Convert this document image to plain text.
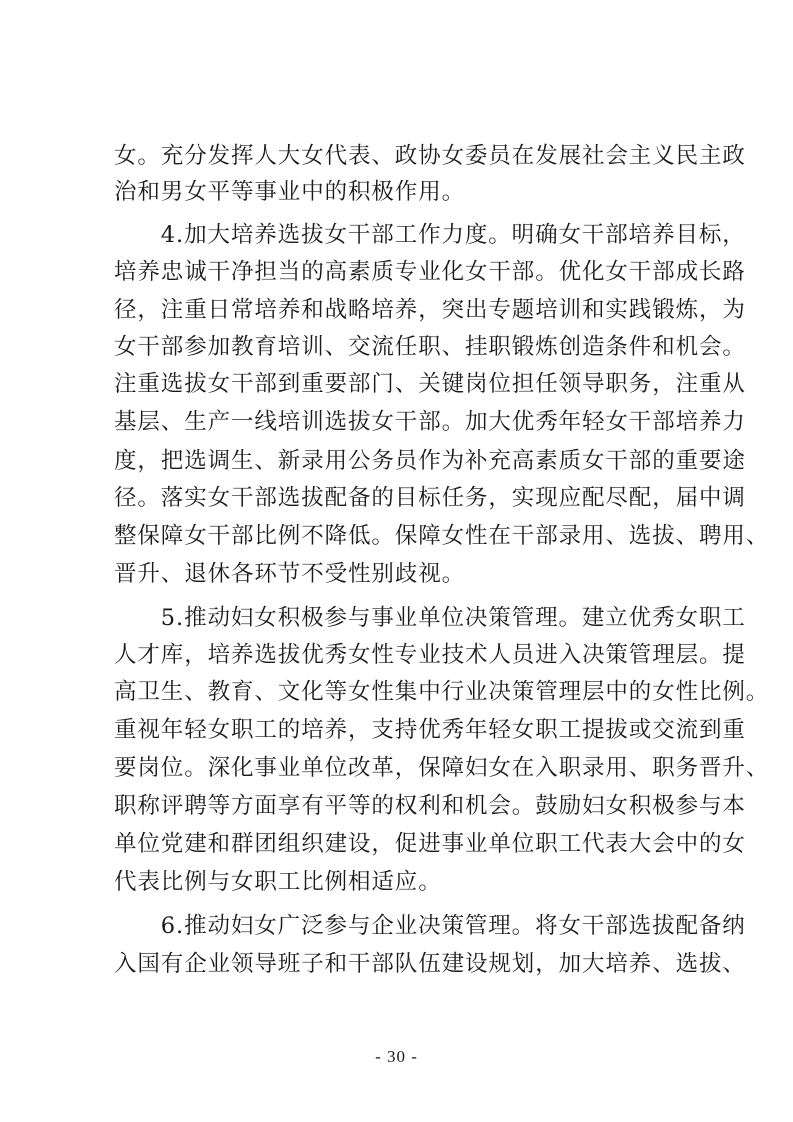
女。充分发挥人大女代表、政协女委员在发展社会主义民主政
治和男女平等事业中的积极作用。
　　4.加大培养选拔女干部工作力度。明确女干部培养目标，
培养忠诚干净担当的高素质专业化女干部。优化女干部成长路
径，注重日常培养和战略培养，突出专题培训和实践锻炼，为
女干部参加教育培训、交流任职、挂职锻炼创造条件和机会。
注重选拔女干部到重要部门、关键岗位担任领导职务，注重从
基层、生产一线培训选拔女干部。加大优秀年轻女干部培养力
度，把选调生、新录用公务员作为补充高素质女干部的重要途
径。落实女干部选拔配备的目标任务，实现应配尽配，届中调
整保障女干部比例不降低。保障女性在干部录用、选拔、聘用、
晋升、退休各环节不受性别歧视。
　　5.推动妇女积极参与事业单位决策管理。建立优秀女职工
人才库，培养选拔优秀女性专业技术人员进入决策管理层。提
高卫生、教育、文化等女性集中行业决策管理层中的女性比例。
重视年轻女职工的培养，支持优秀年轻女职工提拔或交流到重
要岗位。深化事业单位改革，保障妇女在入职录用、职务晋升、
职称评聘等方面享有平等的权利和机会。鼓励妇女积极参与本
单位党建和群团组织建设，促进事业单位职工代表大会中的女
代表比例与女职工比例相适应。
　　6.推动妇女广泛参与企业决策管理。将女干部选拔配备纳
入国有企业领导班子和干部队伍建设规划，加大培养、选拔、
- 30 -
